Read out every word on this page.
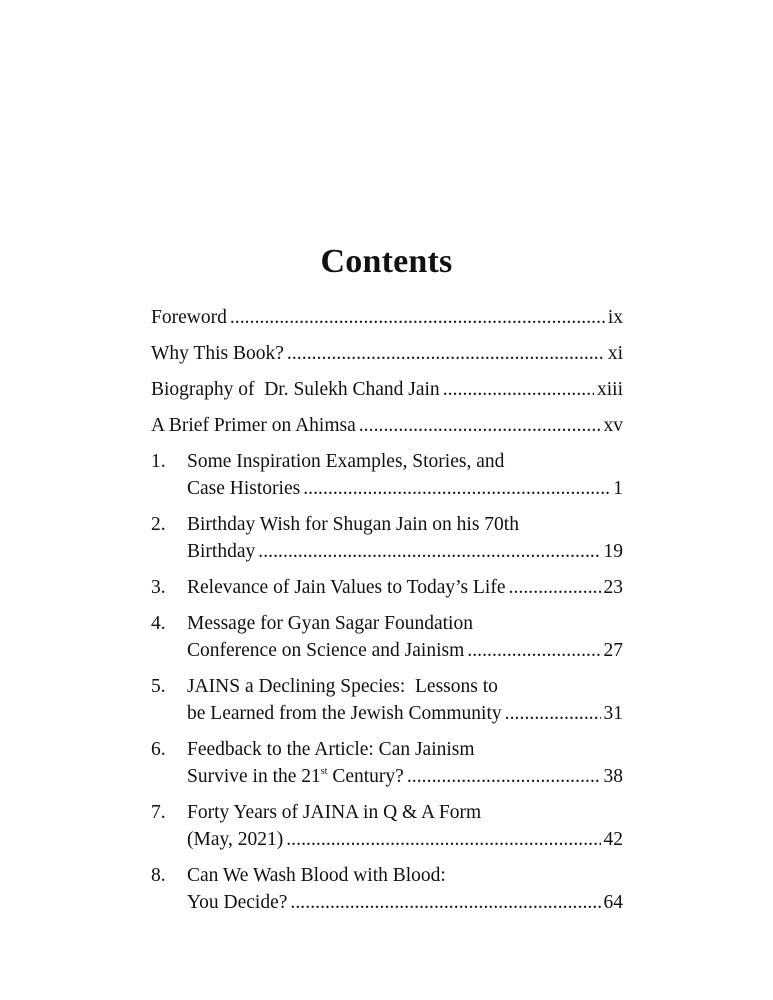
Contents
Foreword . . .	ix
Why This Book? . . .	xi
Biography of  Dr. Sulekh Chand Jain . . .	xiii
A Brief Primer on Ahimsa . . .	xv
1.	Some Inspiration Examples, Stories, and
Case Histories . . .	1
2.	Birthday Wish for Shugan Jain on his 70th
Birthday . . .	19
3.	Relevance of Jain Values to Today’s Life . . .	23
4.	Message for Gyan Sagar Foundation
Conference on Science and Jainism . . .	27
5.	JAINS a Declining Species:  Lessons to
be Learned from the Jewish Community . . .	31
6.	Feedback to the Article: Can Jainism
Survive in the 21st Century? . . .	38
7.	Forty Years of JAINA in Q & A Form
(May, 2021) . . .	42
8.	Can We Wash Blood with Blood:
You Decide? . . .	64
